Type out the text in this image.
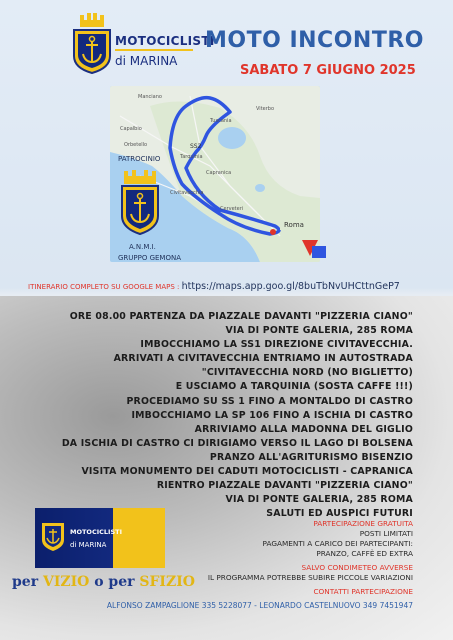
MOTOCICLISTI
di MARINA
MOTO INCONTRO
SABATO 7 GIUGNO 2025
Roma
Manciano
Capalbio
Orbetello
Tuscania
Tarquinia
Civitavecchia
Viterbo
Capranica
Cerveteri
SS2
PATROCINIO
A.N.M.I.
GRUPPO GEMONA
ITINERARIO COMPLETO SU GOOGLE MAPS : https://maps.app.goo.gl/8buTbNvUHCttnGeP7
ORE 08.00 PARTENZA DA PIAZZALE DAVANTI "PIZZERIA CIANO"
VIA DI PONTE GALERIA, 285 ROMA
IMBOCCHIAMO LA SS1 DIREZIONE CIVITAVECCHIA.
ARRIVATI A CIVITAVECCHIA ENTRIAMO IN AUTOSTRADA
"CIVITAVECCHIA NORD (NO BIGLIETTO)
E USCIAMO A TARQUINIA (SOSTA CAFFE !!!)
PROCEDIAMO SU SS 1 FINO A MONTALDO DI CASTRO
IMBOCCHIAMO LA SP 106 FINO A ISCHIA DI CASTRO
ARRIVIAMO ALLA MADONNA DEL GIGLIO
DA ISCHIA DI CASTRO CI DIRIGIAMO VERSO IL LAGO DI BOLSENA
PRANZO ALL'AGRITURISMO BISENZIO
VISITA MONUMENTO DEI CADUTI MOTOCICLISTI - CAPRANICA
RIENTRO PIAZZALE DAVANTI "PIZZERIA CIANO"
VIA DI PONTE GALERIA, 285 ROMA
SALUTI ED AUSPICI FUTURI
MOTOCICLISTI
di MARINA
per VIZIO o per SFIZIO
PARTECIPAZIONE GRATUITA
POSTI LIMITATI
PAGAMENTI A CARICO DEI PARTECIPANTI:
PRANZO, CAFFÈ ED EXTRA
SALVO CONDIMETEO AVVERSE
IL PROGRAMMA POTREBBE SUBIRE PICCOLE VARIAZIONI
CONTATTI PARTECIPAZIONE
ALFONSO ZAMPAGLIONE 335 5228077 - LEONARDO CASTELNUOVO 349 7451947
